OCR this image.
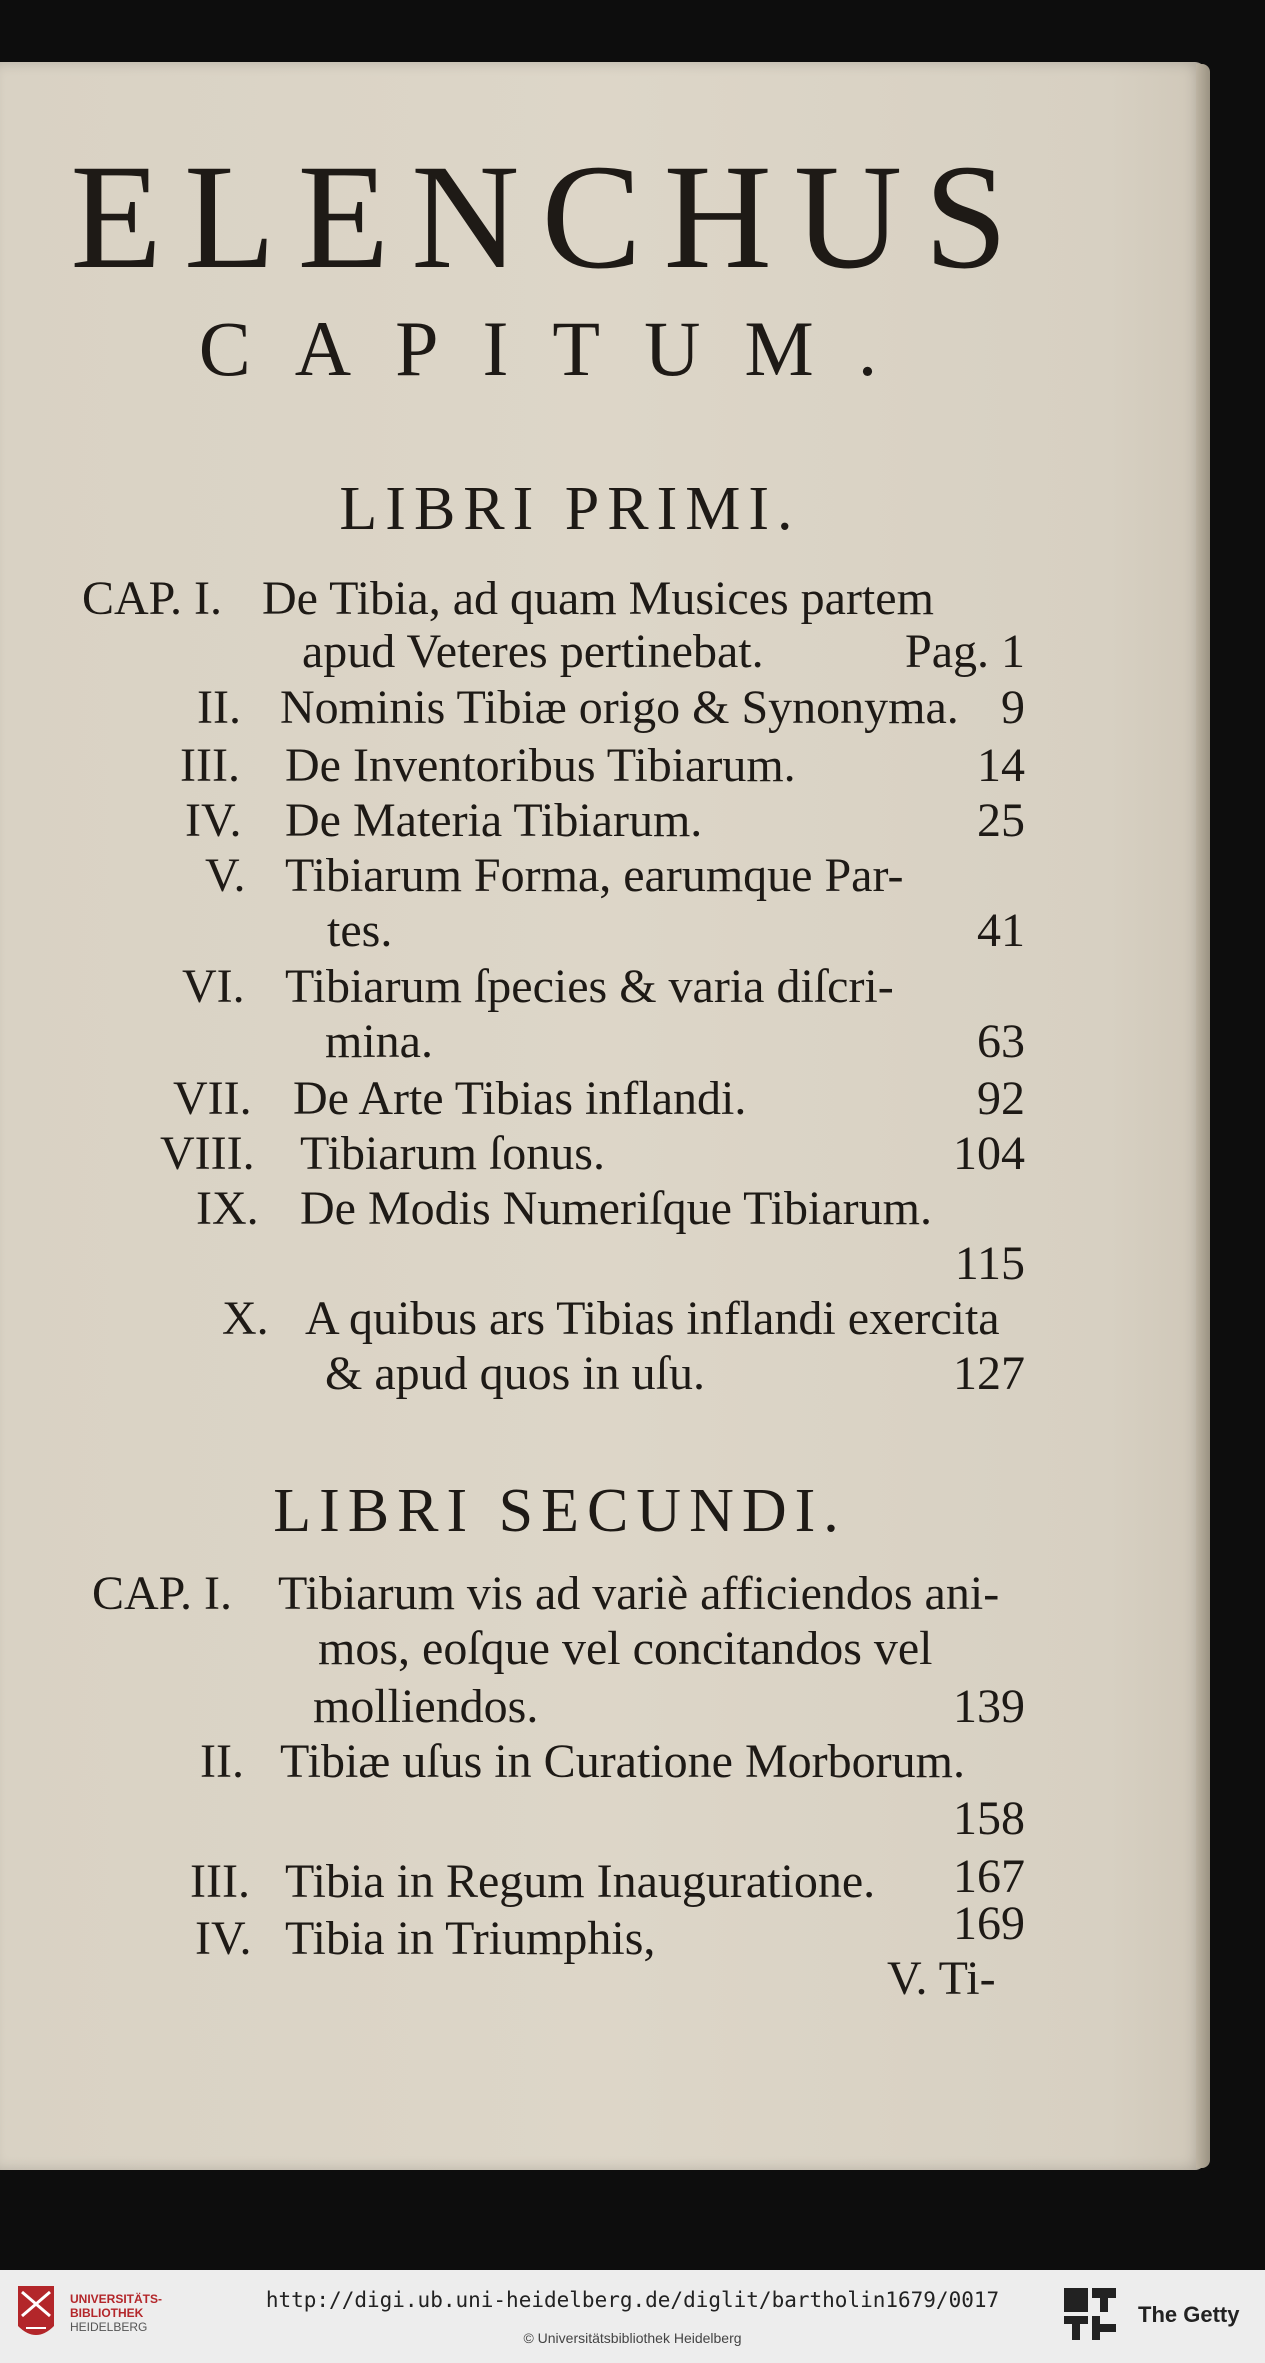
ELENCHUS
CAPITUM.
LIBRI PRIMI.
CAP. I. De Tibia, ad quam Musices partem
apud Veteres pertinebat.	Pag. 1
II. Nominis Tibiæ origo & Synonyma. 9
III. De Inventoribus Tibiarum.	14
IV. De Materia Tibiarum.	25
V. Tibiarum Forma, earumque Par-
tes.	41
VI. Tibiarum ſpecies & varia diſcri-
mina.	63
VII. De Arte Tibias inflandi.	92
VIII. Tibiarum ſonus.	104
IX. De Modis Numeriſque Tibiarum.
115
X. A quibus ars Tibias inflandi exercita
& apud quos in uſu.	127
LIBRI SECUNDI.
CAP. I. Tibiarum vis ad variè afficiendos ani-
mos, eoſque vel concitandos vel
molliendos.	139
II. Tibiæ uſus in Curatione Morborum.
158
III. Tibia in Regum Inauguratione. 167
IV. Tibia in Triumphis,	169
V. Ti-
UNIVERSITÄTS-
BIBLIOTHEK
HEIDELBERG
http://digi.ub.uni-heidelberg.de/diglit/bartholin1679/0017
© Universitätsbibliothek Heidelberg
The Getty
